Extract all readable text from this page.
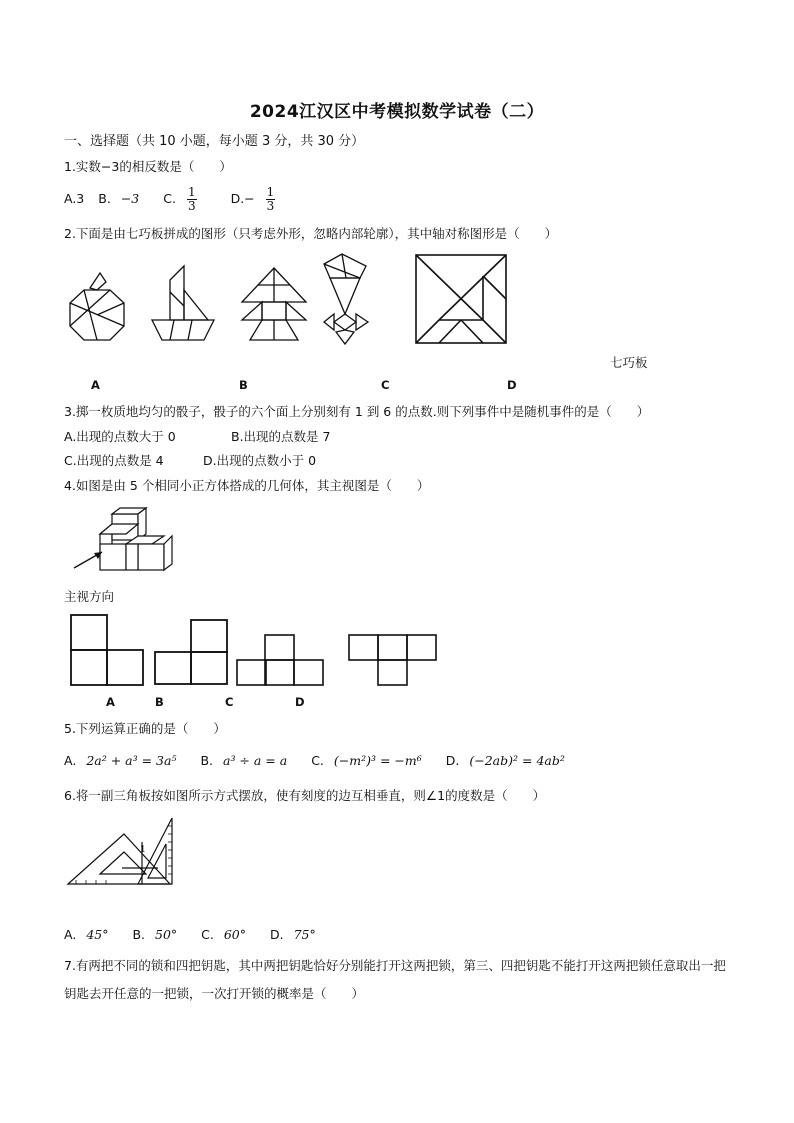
2024江汉区中考模拟数学试卷（二）
一、选择题（共 10 小题，每小题 3 分，共 30 分）
1.实数−3的相反数是（　　）
A.3 B. −3 C. $\frac{1}{3} D.- \frac{1}{3}$
2.下面是由七巧板拼成的图形（只考虑外形，忽略内部轮廓），其中轴对称图形是（　　）
七巧板
A	B	C	D
3.掷一枚质地均匀的骰子，骰子的六个面上分别刻有 1 到 6 的点数.则下列事件中是随机事件的是（　　）
A.出现的点数大于 0	B.出现的点数是 7
C.出现的点数是 4	D.出现的点数小于 0
4.如图是由 5 个相同小正方体搭成的几何体，其主视图是（　　）
主视方向
A	B	C	D
5.下列运算正确的是（　　）
A. 2a² + a³ = 3a⁵ B. a³ ÷ a = a C. (−m²)³ = −m⁶ D. (−2ab)² = 4ab²
6.将一副三角板按如图所示方式摆放，使有刻度的边互相垂直，则∠1的度数是（　　）
1
A. 45° B. 50° C. 60° D. 75°
7.有两把不同的锁和四把钥匙，其中两把钥匙恰好分别能打开这两把锁，第三、四把钥匙不能打开这两把锁任意取出一把钥匙去开任意的一把锁，一次打开锁的概率是（　　）
